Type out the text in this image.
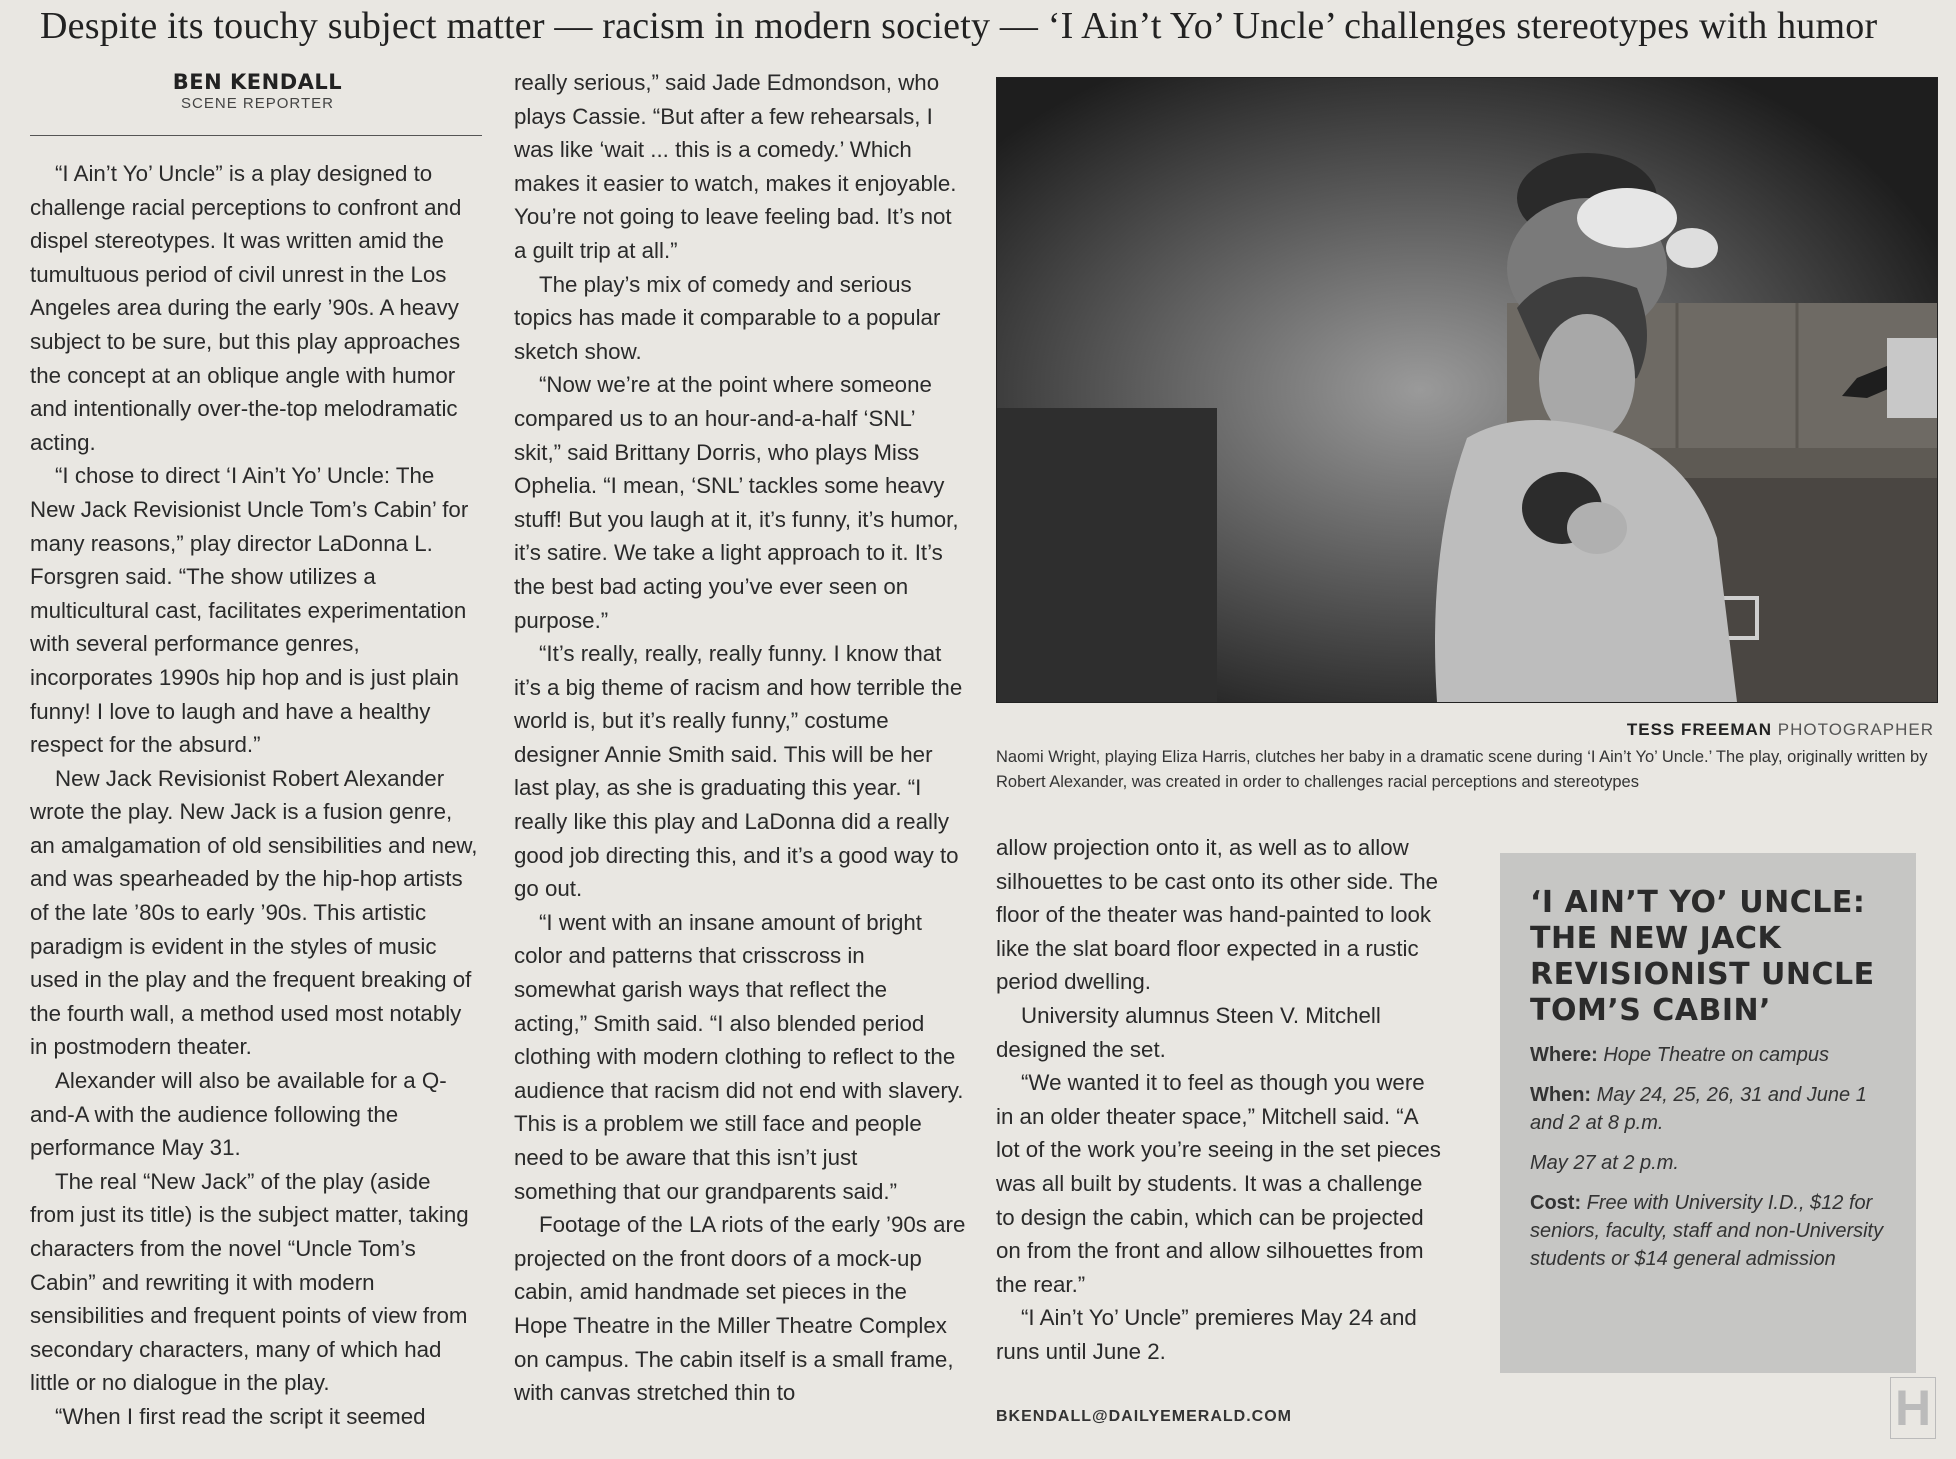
Despite its touchy subject matter — racism in modern society — ‘I Ain’t Yo’ Uncle’ challenges stereotypes with humor
BEN KENDALL
SCENE REPORTER

“I Ain’t Yo’ Uncle” is a play designed to challenge racial perceptions to confront and dispel stereotypes. It was written amid the tumultuous period of civil unrest in the Los Angeles area during the early ’90s. A heavy subject to be sure, but this play approaches the concept at an oblique angle with humor and intentionally over-the-top melodramatic acting.

“I chose to direct ‘I Ain’t Yo’ Uncle: The New Jack Revisionist Uncle Tom’s Cabin’ for many reasons,” play director LaDonna L. Forsgren said. “The show utilizes a multicultural cast, facilitates experimentation with several performance genres, incorporates 1990s hip hop and is just plain funny! I love to laugh and have a healthy respect for the absurd.”

New Jack Revisionist Robert Alexander wrote the play. New Jack is a fusion genre, an amalgamation of old sensibilities and new, and was spearheaded by the hip-hop artists of the late ’80s to early ’90s. This artistic paradigm is evident in the styles of music used in the play and the frequent breaking of the fourth wall, a method used most notably in postmodern theater.

Alexander will also be available for a Q-and-A with the audience following the performance May 31.

The real “New Jack” of the play (aside from just its title) is the subject matter, taking characters from the novel “Uncle Tom’s Cabin” and rewriting it with modern sensibilities and frequent points of view from secondary characters, many of which had little or no dialogue in the play.

“When I first read the script it seemed

really serious,” said Jade Edmondson, who plays Cassie. “But after a few rehearsals, I was like ‘wait ... this is a comedy.’ Which makes it easier to watch, makes it enjoyable. You’re not going to leave feeling bad. It’s not a guilt trip at all.”

The play’s mix of comedy and serious topics has made it comparable to a popular sketch show.

“Now we’re at the point where someone compared us to an hour-and-a-half ‘SNL’ skit,” said Brittany Dorris, who plays Miss Ophelia. “I mean, ‘SNL’ tackles some heavy stuff! But you laugh at it, it’s funny, it’s humor, it’s satire. We take a light approach to it. It’s the best bad acting you’ve ever seen on purpose.”

“It’s really, really, really funny. I know that it’s a big theme of racism and how terrible the world is, but it’s really funny,” costume designer Annie Smith said. This will be her last play, as she is graduating this year. “I really like this play and LaDonna did a really good job directing this, and it’s a good way to go out.

“I went with an insane amount of bright color and patterns that crisscross in somewhat garish ways that reflect the acting,” Smith said. “I also blended period clothing with modern clothing to reflect to the audience that racism did not end with slavery. This is a problem we still face and people need to be aware that this isn’t just something that our grandparents said.”

Footage of the LA riots of the early ’90s are projected on the front doors of a mock-up cabin, amid handmade set pieces in the Hope Theatre in the Miller Theatre Complex on campus. The cabin itself is a small frame, with canvas stretched thin to

TESS FREEMAN PHOTOGRAPHER
Naomi Wright, playing Eliza Harris, clutches her baby in a dramatic scene during ‘I Ain’t Yo’ Uncle.’ The play, originally written by Robert Alexander, was created in order to challenges racial perceptions and stereotypes

allow projection onto it, as well as to allow silhouettes to be cast onto its other side. The floor of the theater was hand-painted to look like the slat board floor expected in a rustic period dwelling.

University alumnus Steen V. Mitchell designed the set.

“We wanted it to feel as though you were in an older theater space,” Mitchell said. “A lot of the work you’re seeing in the set pieces was all built by students. It was a challenge to design the cabin, which can be projected on from the front and allow silhouettes from the rear.”

“I Ain’t Yo’ Uncle” premieres May 24 and runs until June 2.

BKENDALL@DAILYEMERALD.COM
‘I AIN’T YO’ UNCLE: THE NEW JACK REVISIONIST UNCLE TOM’S CABIN’
Where: Hope Theatre on campus
When: May 24, 25, 26, 31 and June 1 and 2 at 8 p.m.
May 27 at 2 p.m.
Cost: Free with University I.D., $12 for seniors, faculty, staff and non-University students or $14 general admission
H
